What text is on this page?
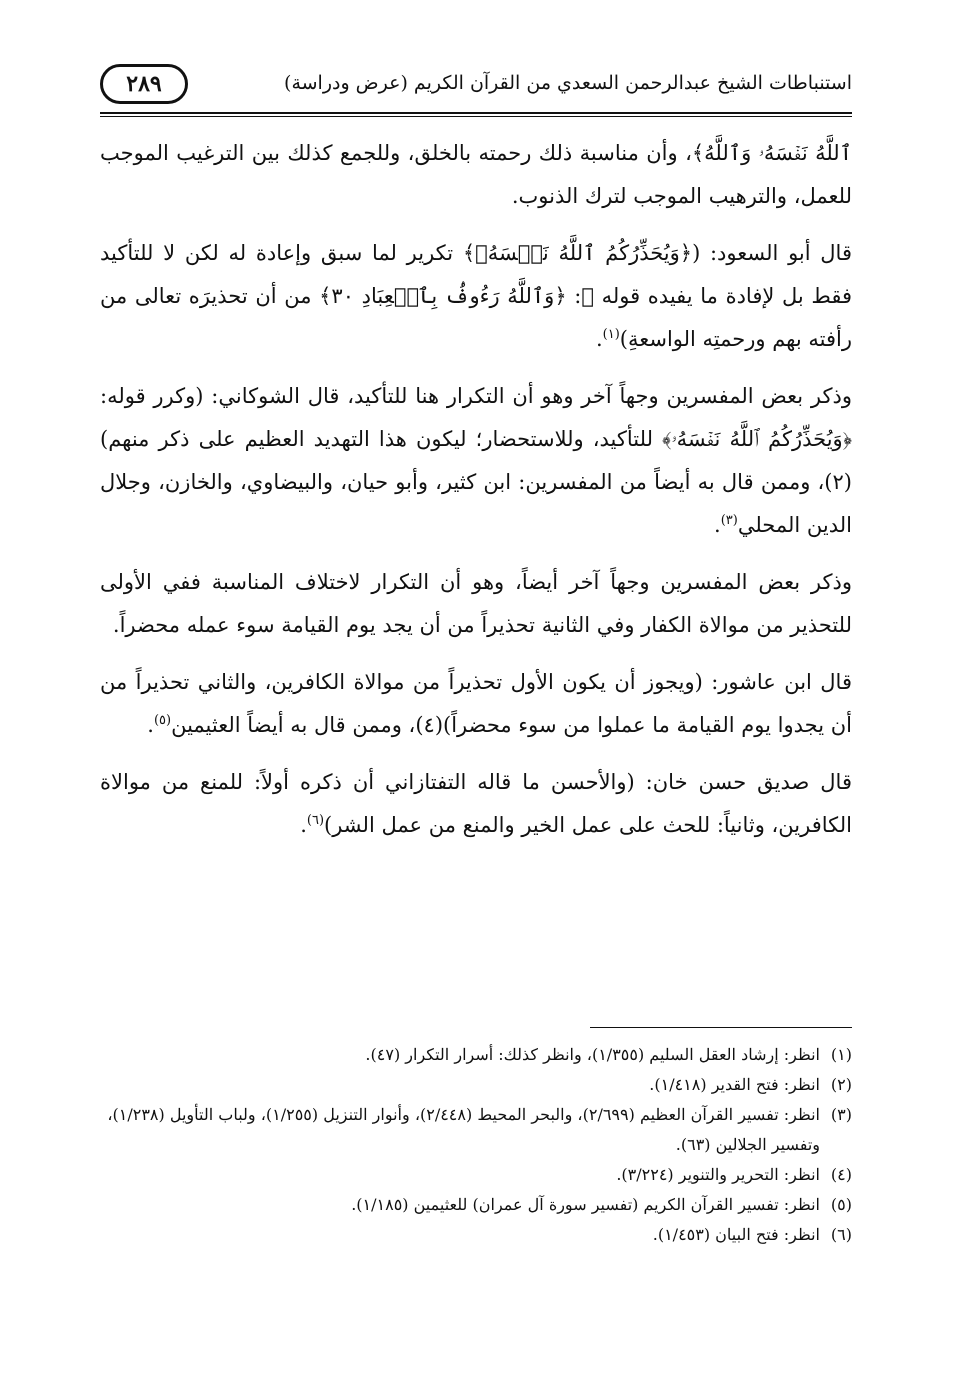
استنباطات الشيخ عبدالرحمن السعدي من القرآن الكريم (عرض ودراسة)
٢٨٩

ٱللَّهُ نَفۡسَهُۥ وَٱللَّهُ﴾، وأن مناسبة ذلك رحمته بالخلق، وللجمع كذلك بين الترغيب الموجب للعمل، والترهيب الموجب لترك الذنوب.

قال أبو السعود: (﴿وَيُحَذِّرُكُمُ ٱللَّهُ نَفۡسَهُۥ﴾ تكرير لما سبق وإعادة له لكن لا للتأكيد فقط بل لإفادة ما يفيده قوله ﷻ: ﴿وَٱللَّهُ رَءُوفُۢ بِٱلۡعِبَادِ ٣٠﴾ من أن تحذيرَه تعالى من رأفته بهم ورحمتِه الواسعةِ)$^{(١)}$.

وذكر بعض المفسرين وجهاً آخر وهو أن التكرار هنا للتأكيد، قال الشوكاني: (وكرر قوله: ﴿وَيُحَذِّرُكُمُ ٱللَّهُ نَفۡسَهُۥ﴾ للتأكيد، وللاستحضار؛ ليكون هذا التهديد العظيم على ذكر منهم)(٢)، وممن قال به أيضاً من المفسرين: ابن كثير، وأبو حيان، والبيضاوي، والخازن، وجلال الدين المحلي$^{(٣)}$.

وذكر بعض المفسرين وجهاً آخر أيضاً، وهو أن التكرار لاختلاف المناسبة ففي الأولى للتحذير من موالاة الكفار وفي الثانية تحذيراً من أن يجد يوم القيامة سوء عمله محضراً.

قال ابن عاشور: (ويجوز أن يكون الأول تحذيراً من موالاة الكافرين، والثاني تحذيراً من أن يجدوا يوم القيامة ما عملوا من سوء محضراً)(٤)، وممن قال به أيضاً العثيمين$^{(٥)}$.

قال صديق حسن خان: (والأحسن ما قاله التفتازاني أن ذكره أولاً: للمنع من موالاة الكافرين، وثانياً: للحث على عمل الخير والمنع من عمل الشر)$^{(٦)}$.

(١)
انظر: إرشاد العقل السليم (١/٣٥٥)، وانظر كذلك: أسرار التكرار (٤٧).
(٢)
انظر: فتح القدير (١/٤١٨).
(٣)
انظر: تفسير القرآن العظيم (٢/٦٩٩)، والبحر المحيط (٢/٤٤٨)، وأنوار التنزيل (١/٢٥٥)، ولباب التأويل (١/٢٣٨)، وتفسير الجلالين (٦٣).
(٤)
انظر: التحرير والتنوير (٣/٢٢٤).
(٥)
انظر: تفسير القرآن الكريم (تفسير سورة آل عمران) للعثيمين (١/١٨٥).
(٦)
انظر: فتح البيان (١/٤٥٣).
